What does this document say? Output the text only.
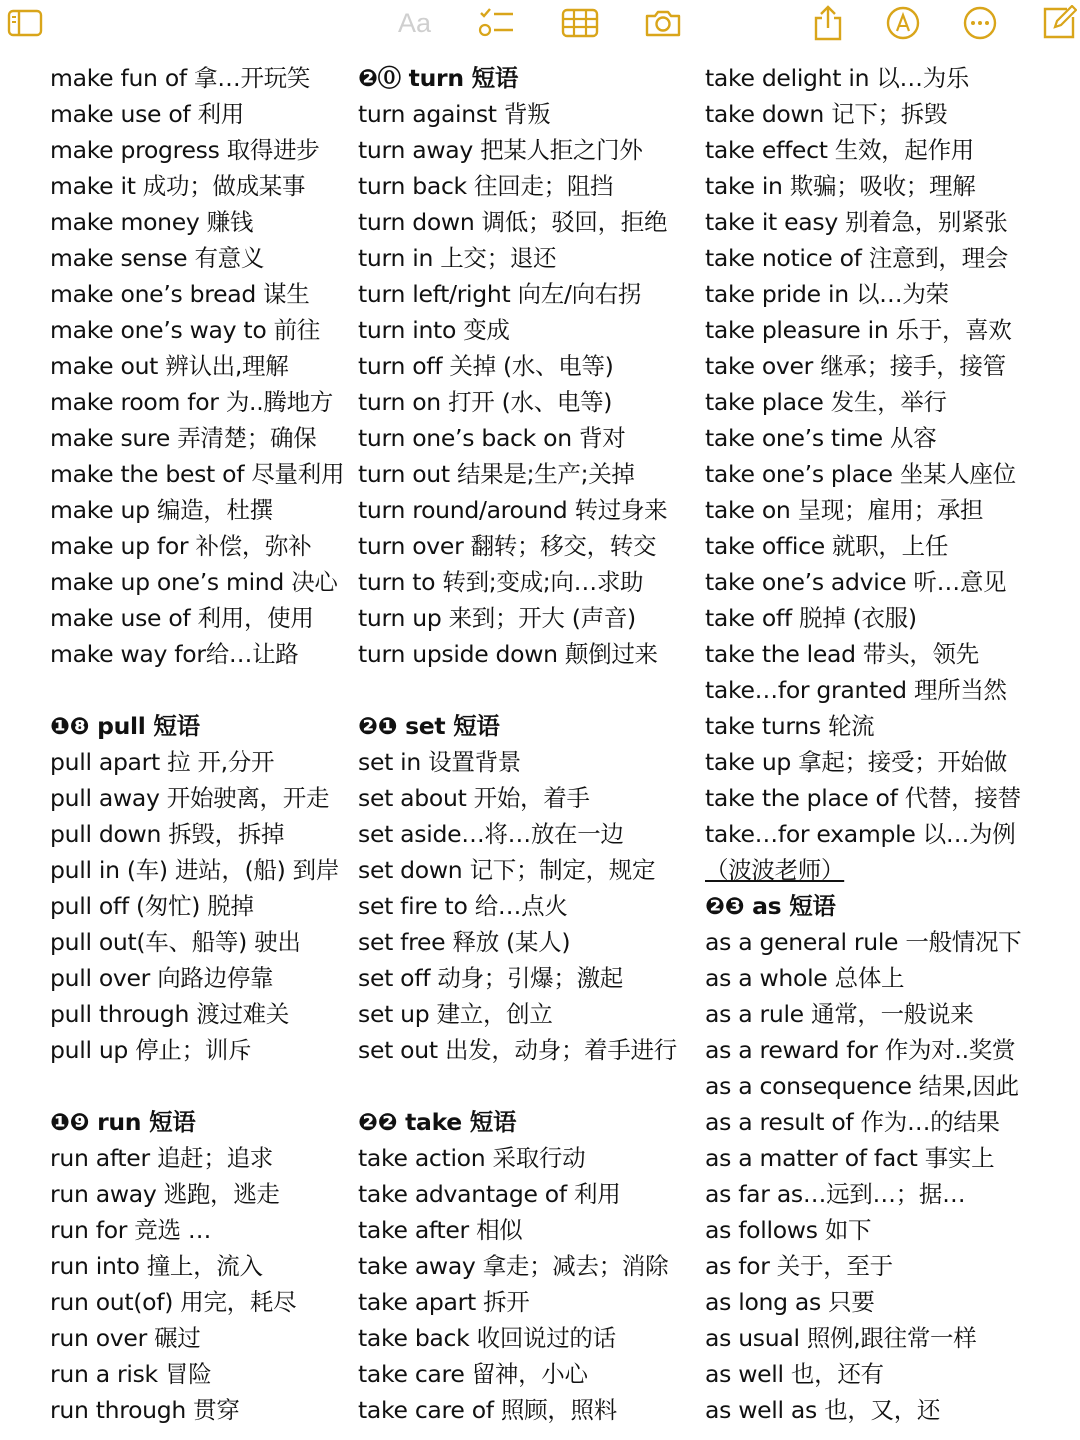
Aa
make fun of 拿…开玩笑
make use of 利用
make progress 取得进步
make it 成功；做成某事
make money 赚钱
make sense 有意义
make one’s bread 谋生
make one’s way to 前往
make out 辨认出,理解
make room for 为..腾地方
make sure 弄清楚；确保
make the best of 尽量利用
make up 编造，杜撰
make up for 补偿，弥补
make up one’s mind 决心
make use of 利用，使用
make way for给…让路
❶❽ pull 短语
pull apart 拉 开,分开
pull away 开始驶离，开走
pull down 拆毁，拆掉
pull in (车) 进站，(船) 到岸
pull off (匆忙) 脱掉
pull out(车、船等) 驶出
pull over 向路边停靠
pull through 渡过难关
pull up 停止；训斥
❶❾ run 短语
run after 追赶；追求
run away 逃跑，逃走
run for 竞选 …
run into 撞上，流入
run out(of) 用完，耗尽
run over 碾过
run a risk 冒险
run through 贯穿
❷⓪ turn 短语
turn against 背叛
turn away 把某人拒之门外
turn back 往回走；阻挡
turn down 调低；驳回，拒绝
turn in 上交；退还
turn left/right 向左/向右拐
turn into 变成
turn off 关掉 (水、电等)
turn on 打开 (水、电等)
turn one’s back on 背对
turn out 结果是;生产;关掉
turn round/around 转过身来
turn over 翻转；移交，转交
turn to 转到;变成;向…求助
turn up 来到；开大 (声音)
turn upside down 颠倒过来
❷❶ set 短语
set in 设置背景
set about 开始，着手
set aside…将…放在一边
set down 记下；制定，规定
set fire to 给…点火
set free 释放 (某人)
set off 动身；引爆；激起
set up 建立，创立
set out 出发，动身；着手进行
❷❷ take 短语
take action 采取行动
take advantage of 利用
take after 相似
take away 拿走；减去；消除
take apart 拆开
take back 收回说过的话
take care 留神，小心
take care of 照顾，照料
take delight in 以…为乐
take down 记下；拆毁
take effect 生效，起作用
take in 欺骗；吸收；理解
take it easy 别着急，别紧张
take notice of 注意到，理会
take pride in 以…为荣
take pleasure in 乐于，喜欢
take over 继承；接手，接管
take place 发生，举行
take one’s time 从容
take one’s place 坐某人座位
take on 呈现；雇用；承担
take office 就职，上任
take one’s advice 听…意见
take off 脱掉 (衣服)
take the lead 带头，领先
take…for granted 理所当然
take turns 轮流
take up 拿起；接受；开始做
take the place of 代替，接替
take…for example 以…为例
（波波老师）
❷❸ as 短语
as a general rule 一般情况下
as a whole 总体上
as a rule 通常，一般说来
as a reward for 作为对..奖赏
as a consequence 结果,因此
as a result of 作为…的结果
as a matter of fact 事实上
as far as…远到…；据…
as follows 如下
as for 关于，至于
as long as 只要
as usual 照例,跟往常一样
as well 也，还有
as well as 也，又，还
